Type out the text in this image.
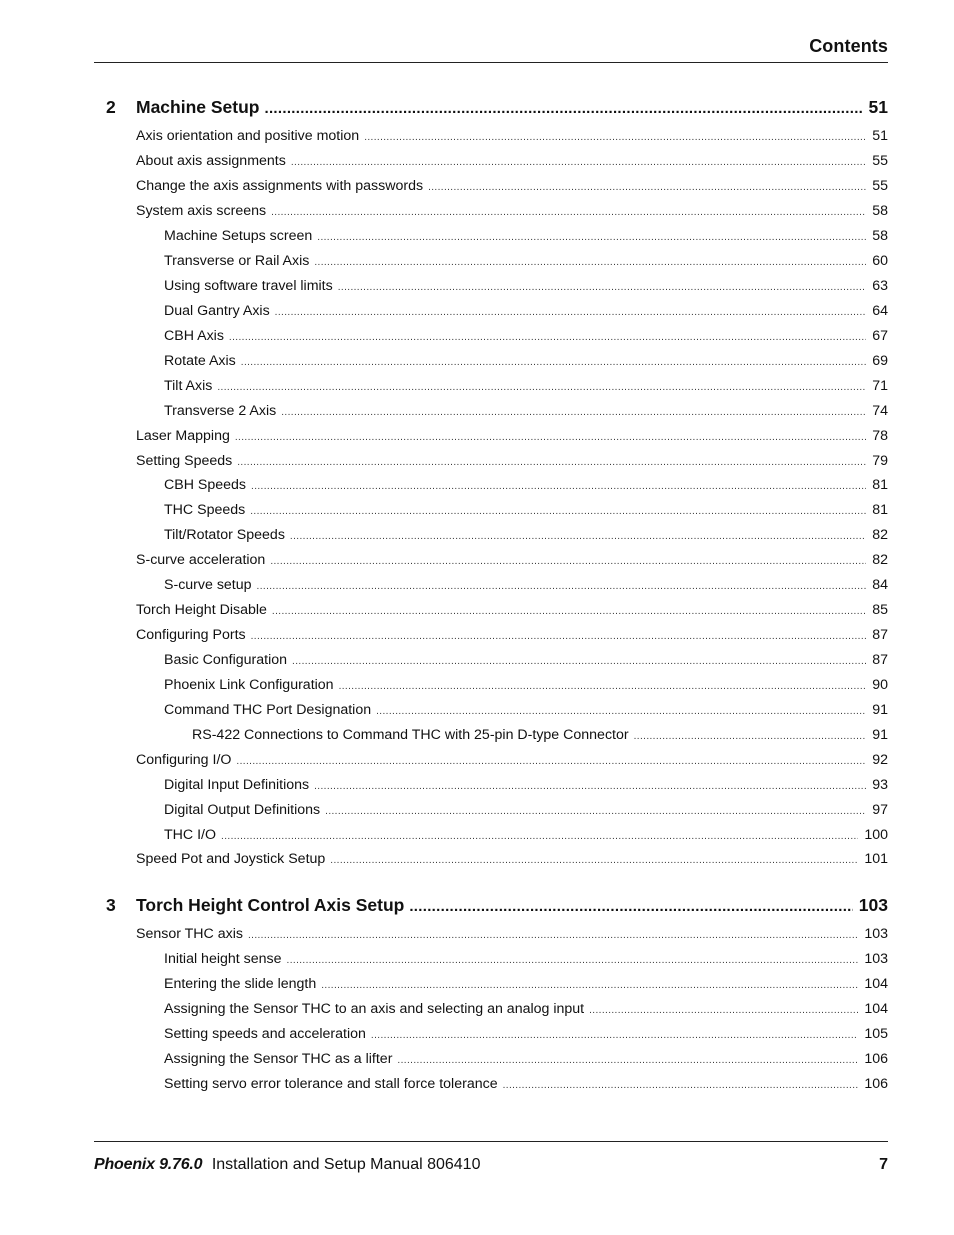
Contents
2	Machine Setup .....	51
Axis orientation and positive motion .....	51
About axis assignments .....	55
Change the axis assignments with passwords .....	55
System axis screens .....	58
Machine Setups screen .....	58
Transverse or Rail Axis .....	60
Using software travel limits .....	63
Dual Gantry Axis .....	64
CBH Axis .....	67
Rotate Axis .....	69
Tilt Axis .....	71
Transverse 2 Axis .....	74
Laser Mapping .....	78
Setting Speeds .....	79
CBH Speeds .....	81
THC Speeds .....	81
Tilt/Rotator Speeds .....	82
S-curve acceleration .....	82
S-curve setup .....	84
Torch Height Disable .....	85
Configuring Ports .....	87
Basic Configuration .....	87
Phoenix Link Configuration .....	90
Command THC Port Designation .....	91
RS-422 Connections to Command THC with 25-pin D-type Connector .....	91
Configuring I/O .....	92
Digital Input Definitions .....	93
Digital Output Definitions .....	97
THC I/O .....	100
Speed Pot and Joystick Setup .....	101
3	Torch Height Control Axis Setup .....	103
Sensor THC axis .....	103
Initial height sense .....	103
Entering the slide length .....	104
Assigning the Sensor THC to an axis and selecting an analog input .....	104
Setting speeds and acceleration .....	105
Assigning the Sensor THC as a lifter .....	106
Setting servo error tolerance and stall force tolerance .....	106
Phoenix 9.76.0 Installation and Setup Manual 806410	7
